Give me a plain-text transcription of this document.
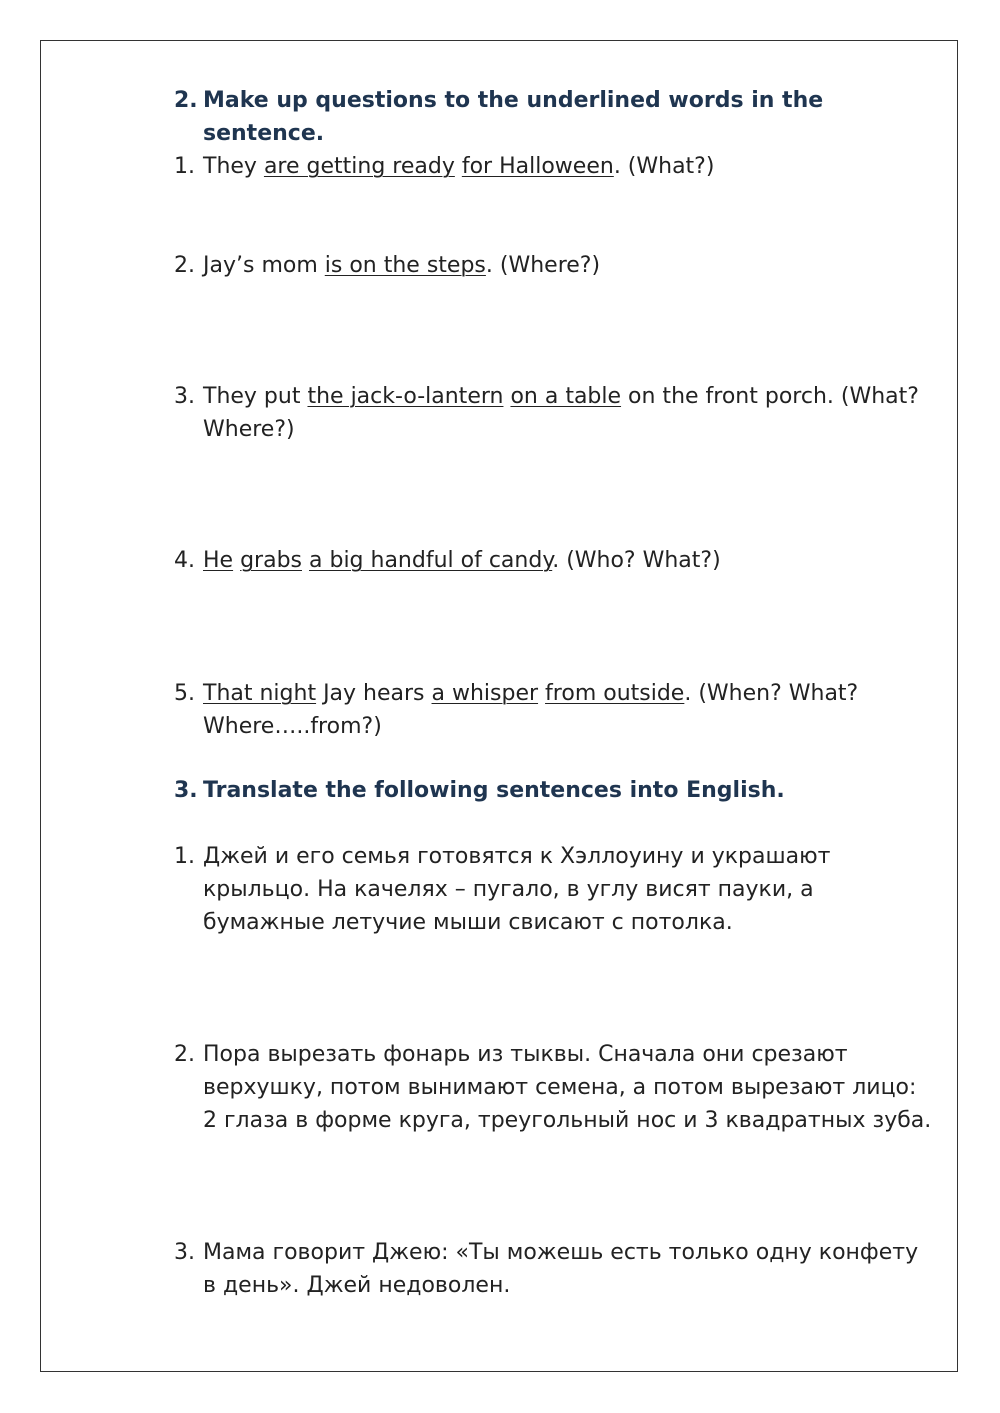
2. Make up questions to the underlined words in the sentence.
1. They are getting ready for Halloween. (What?)
2. Jay’s mom is on the steps. (Where?)
3. They put the jack-o-lantern on a table on the front porch. (What? Where?)
4. He grabs a big handful of candy. (Who? What?)
5. That night Jay hears a whisper from outside. (When? What? Where…..from?)
3. Translate the following sentences into English.
1. Джей и его семья готовятся к Хэллоуину и украшают крыльцо. На качелях – пугало, в углу висят пауки, а бумажные летучие мыши свисают с потолка.
2. Пора вырезать фонарь из тыквы. Сначала они срезают верхушку, потом вынимают семена, а потом вырезают лицо: 2 глаза в форме круга, треугольный нос и 3 квадратных зуба.
3. Мама говорит Джею: «Ты можешь есть только одну конфету в день». Джей недоволен.
